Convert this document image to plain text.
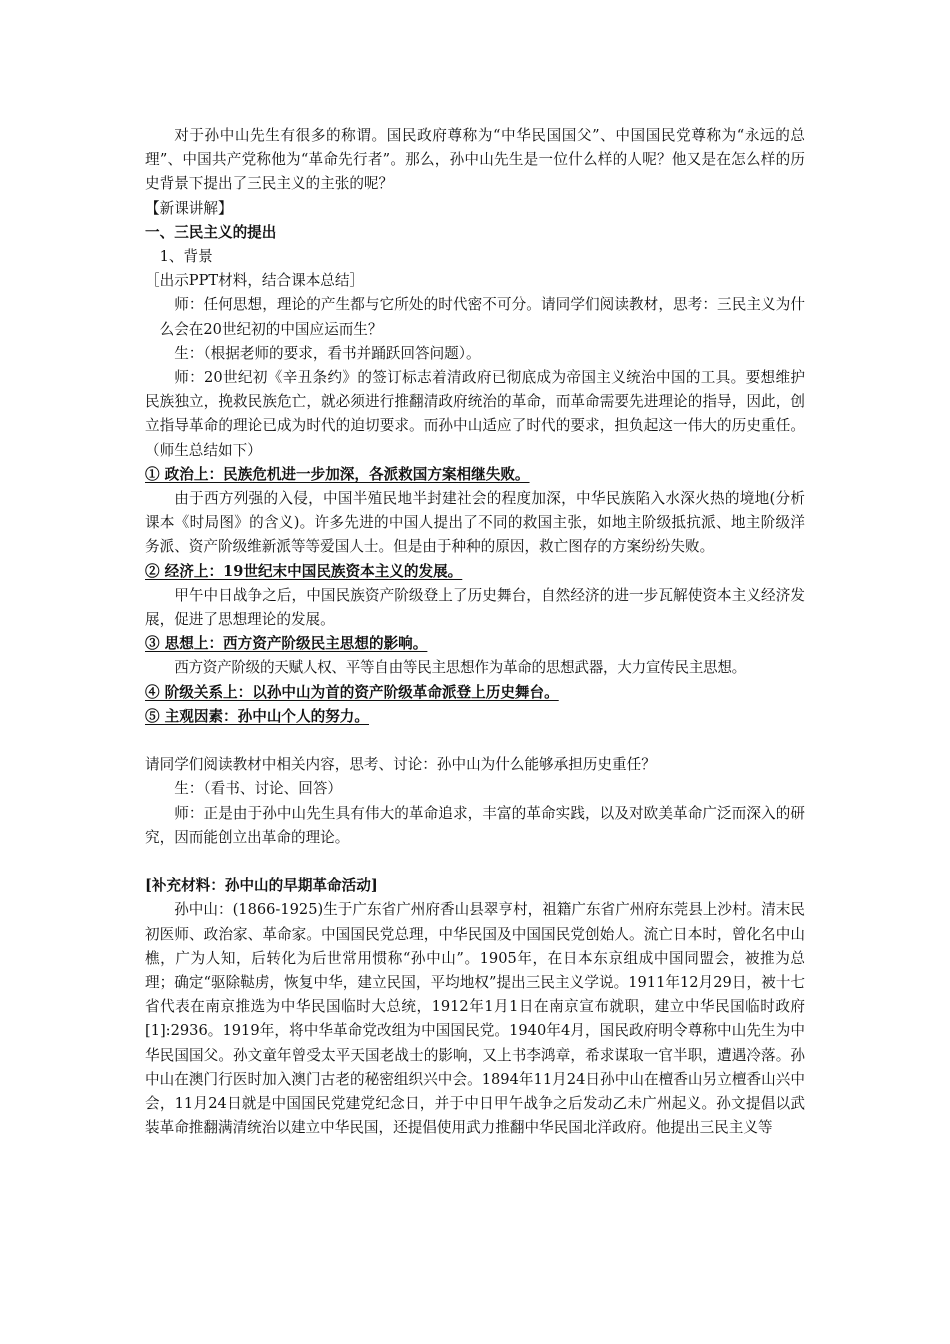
对于孙中山先生有很多的称谓。国民政府尊称为“中华民国国父”、中国国民党尊称为“永远的总理”、中国共产党称他为“革命先行者”。那么，孙中山先生是一位什么样的人呢？他又是在怎么样的历史背景下提出了三民主义的主张的呢？

【新课讲解】

一、三民主义的提出

1、背景

［出示PPT材料，结合课本总结］

师：任何思想，理论的产生都与它所处的时代密不可分。请同学们阅读教材，思考：三民主义为什么会在20世纪初的中国应运而生？

生：（根据老师的要求，看书并踊跃回答问题）。

师：20世纪初《辛丑条约》的签订标志着清政府已彻底成为帝国主义统治中国的工具。要想维护民族独立，挽救民族危亡，就必须进行推翻清政府统治的革命，而革命需要先进理论的指导，因此，创立指导革命的理论已成为时代的迫切要求。而孙中山适应了时代的要求，担负起这一伟大的历史重任。（师生总结如下）

① 政治上：民族危机进一步加深，各派救国方案相继失败。

由于西方列强的入侵，中国半殖民地半封建社会的程度加深，中华民族陷入水深火热的境地(分析课本《时局图》的含义)。许多先进的中国人提出了不同的救国主张，如地主阶级抵抗派、地主阶级洋务派、资产阶级维新派等等爱国人士。但是由于种种的原因，救亡图存的方案纷纷失败。

② 经济上：19世纪末中国民族资本主义的发展。

甲午中日战争之后，中国民族资产阶级登上了历史舞台，自然经济的进一步瓦解使资本主义经济发展，促进了思想理论的发展。

③ 思想上：西方资产阶级民主思想的影响。

西方资产阶级的天赋人权、平等自由等民主思想作为革命的思想武器，大力宣传民主思想。

④ 阶级关系上：以孙中山为首的资产阶级革命派登上历史舞台。

⑤ 主观因素：孙中山个人的努力。

请同学们阅读教材中相关内容，思考、讨论：孙中山为什么能够承担历史重任？

生：（看书、讨论、回答）

师：正是由于孙中山先生具有伟大的革命追求，丰富的革命实践，以及对欧美革命广泛而深入的研究，因而能创立出革命的理论。

[补充材料：孙中山的早期革命活动]

孙中山：(1866-1925)生于广东省广州府香山县翠亨村，祖籍广东省广州府东莞县上沙村。清末民初医师、政治家、革命家。中国国民党总理，中华民国及中国国民党创始人。流亡日本时，曾化名中山樵，广为人知，后转化为后世常用惯称“孙中山”。1905年，在日本东京组成中国同盟会，被推为总理；确定“驱除鞑虏，恢复中华，建立民国，平均地权”提出三民主义学说。1911年12月29日，被十七省代表在南京推选为中华民国临时大总统，1912年1月1日在南京宣布就职，建立中华民国临时政府[1]:2936。1919年，将中华革命党改组为中国国民党。1940年4月，国民政府明令尊称中山先生为中华民国国父。孙文童年曾受太平天国老战士的影响，又上书李鸿章，希求谋取一官半职，遭遇冷落。孙中山在澳门行医时加入澳门古老的秘密组织兴中会。1894年11月24日孙中山在檀香山另立檀香山兴中会，11月24日就是中国国民党建党纪念日，并于中日甲午战争之后发动乙未广州起义。孙文提倡以武装革命推翻满清统治以建立中华民国，还提倡使用武力推翻中华民国北洋政府。他提出三民主义等
